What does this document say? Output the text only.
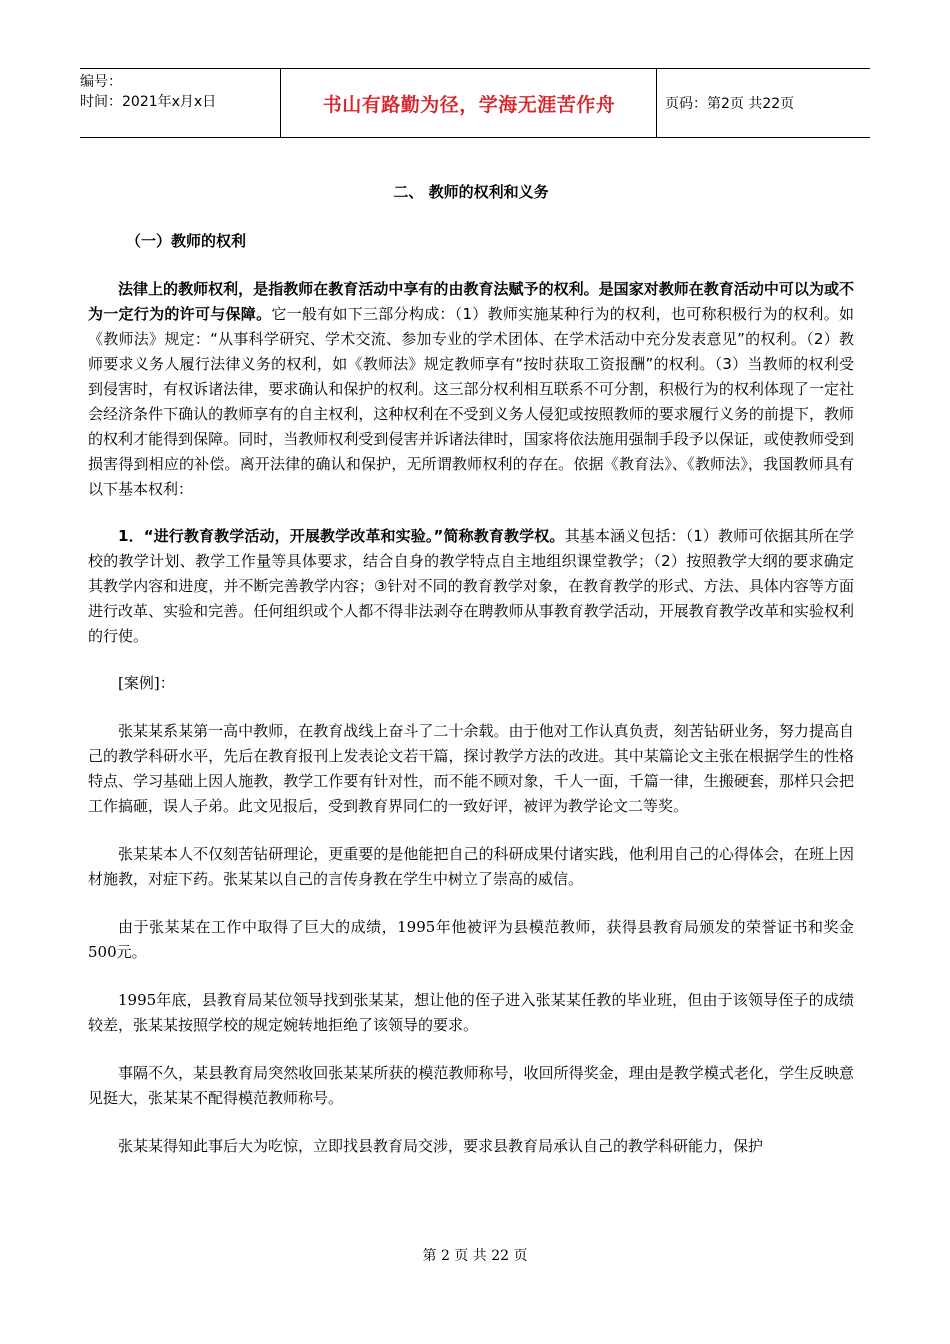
编号：
时间：2021年x月x日	书山有路勤为径，学海无涯苦作舟	页码：第2页 共22页
二、 教师的权利和义务
（一）教师的权利

法律上的教师权利，是指教师在教育活动中享有的由教育法赋予的权利。是国家对教师在教育活动中可以为或不为一定行为的许可与保障。它一般有如下三部分构成：（1）教师实施某种行为的权利，也可称积极行为的权利。如《教师法》规定：“从事科学研究、学术交流、参加专业的学术团体、在学术活动中充分发表意见”的权利。（2）教师要求义务人履行法律义务的权利，如《教师法》规定教师享有“按时获取工资报酬”的权利。（3）当教师的权利受到侵害时，有权诉诸法律，要求确认和保护的权利。这三部分权利相互联系不可分割，积极行为的权利体现了一定社会经济条件下确认的教师享有的自主权利，这种权利在不受到义务人侵犯或按照教师的要求履行义务的前提下，教师的权利才能得到保障。同时，当教师权利受到侵害并诉诸法律时，国家将依法施用强制手段予以保证，或使教师受到损害得到相应的补偿。离开法律的确认和保护，无所谓教师权利的存在。依据《教育法》、《教师法》，我国教师具有以下基本权利：

1．“进行教育教学活动，开展教学改革和实验。”简称教育教学权。其基本涵义包括：（1）教师可依据其所在学校的教学计划、教学工作量等具体要求，结合自身的教学特点自主地组织课堂教学；（2）按照教学大纲的要求确定其教学内容和进度，并不断完善教学内容；③针对不同的教育教学对象，在教育教学的形式、方法、具体内容等方面进行改革、实验和完善。任何组织或个人都不得非法剥夺在聘教师从事教育教学活动，开展教育教学改革和实验权利的行使。

[案例]：

张某某系某第一高中教师，在教育战线上奋斗了二十余载。由于他对工作认真负责，刻苦钻研业务，努力提高自己的教学科研水平，先后在教育报刊上发表论文若干篇，探讨教学方法的改进。其中某篇论文主张在根据学生的性格特点、学习基础上因人施教，教学工作要有针对性，而不能不顾对象，千人一面，千篇一律，生搬硬套，那样只会把工作搞砸，误人子弟。此文见报后，受到教育界同仁的一致好评，被评为教学论文二等奖。

张某某本人不仅刻苦钻研理论，更重要的是他能把自己的科研成果付诸实践，他利用自己的心得体会，在班上因材施教，对症下药。张某某以自己的言传身教在学生中树立了崇高的威信。

由于张某某在工作中取得了巨大的成绩，1995年他被评为县模范教师，获得县教育局颁发的荣誉证书和奖金500元。

1995年底，县教育局某位领导找到张某某，想让他的侄子进入张某某任教的毕业班，但由于该领导侄子的成绩较差，张某某按照学校的规定婉转地拒绝了该领导的要求。

事隔不久，某县教育局突然收回张某某所获的模范教师称号，收回所得奖金，理由是教学模式老化，学生反映意见挺大，张某某不配得模范教师称号。

张某某得知此事后大为吃惊，立即找县教育局交涉，要求县教育局承认自己的教学科研能力，保护

第 2 页 共 22 页
